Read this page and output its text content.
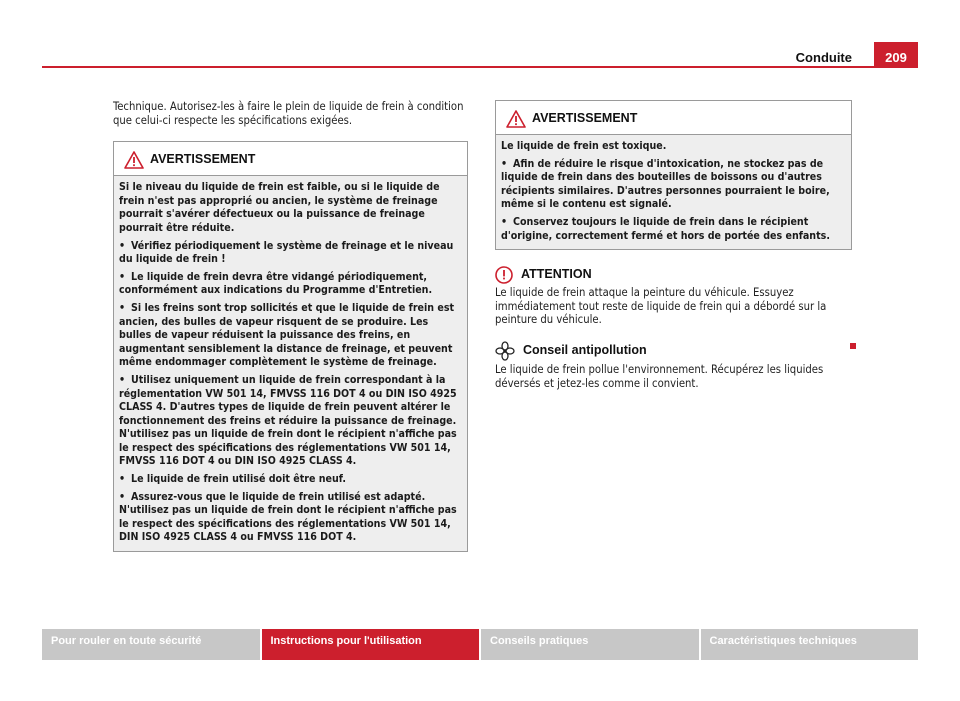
Conduite	209

Technique. Autorisez-les à faire le plein de liquide de frein à condition que celui-ci respecte les spécifications exigées.

AVERTISSEMENT

Si le niveau du liquide de frein est faible, ou si le liquide de frein n'est pas approprié ou ancien, le système de freinage pourrait s'avérer défectueux ou la puissance de freinage pourrait être réduite.

• Vérifiez périodiquement le système de freinage et le niveau du liquide de frein !

• Le liquide de frein devra être vidangé périodiquement, conformément aux indications du Programme d'Entretien.

• Si les freins sont trop sollicités et que le liquide de frein est ancien, des bulles de vapeur risquent de se produire. Les bulles de vapeur réduisent la puissance des freins, en augmentant sensiblement la distance de freinage, et peuvent même endommager complètement le système de freinage.

• Utilisez uniquement un liquide de frein correspondant à la réglementation VW 501 14, FMVSS 116 DOT 4 ou DIN ISO 4925 CLASS 4. D'autres types de liquide de frein peuvent altérer le fonctionnement des freins et réduire la puissance de freinage. N'utilisez pas un liquide de frein dont le récipient n'affiche pas le respect des spécifications des réglementations VW 501 14, FMVSS 116 DOT 4 ou DIN ISO 4925 CLASS 4.

• Le liquide de frein utilisé doit être neuf.

• Assurez-vous que le liquide de frein utilisé est adapté. N'utilisez pas un liquide de frein dont le récipient n'affiche pas le respect des spécifications des réglementations VW 501 14, DIN ISO 4925 CLASS 4 ou FMVSS 116 DOT 4.

AVERTISSEMENT

Le liquide de frein est toxique.

• Afin de réduire le risque d'intoxication, ne stockez pas de liquide de frein dans des bouteilles de boissons ou d'autres récipients similaires. D'autres personnes pourraient le boire, même si le contenu est signalé.

• Conservez toujours le liquide de frein dans le récipient d'origine, correctement fermé et hors de portée des enfants.

ATTENTION

Le liquide de frein attaque la peinture du véhicule. Essuyez immédiatement tout reste de liquide de frein qui a débordé sur la peinture du véhicule.

Conseil antipollution

Le liquide de frein pollue l'environnement. Récupérez les liquides déversés et jetez-les comme il convient.

Pour rouler en toute sécurité	Instructions pour l'utilisation	Conseils pratiques	Caractéristiques techniques
